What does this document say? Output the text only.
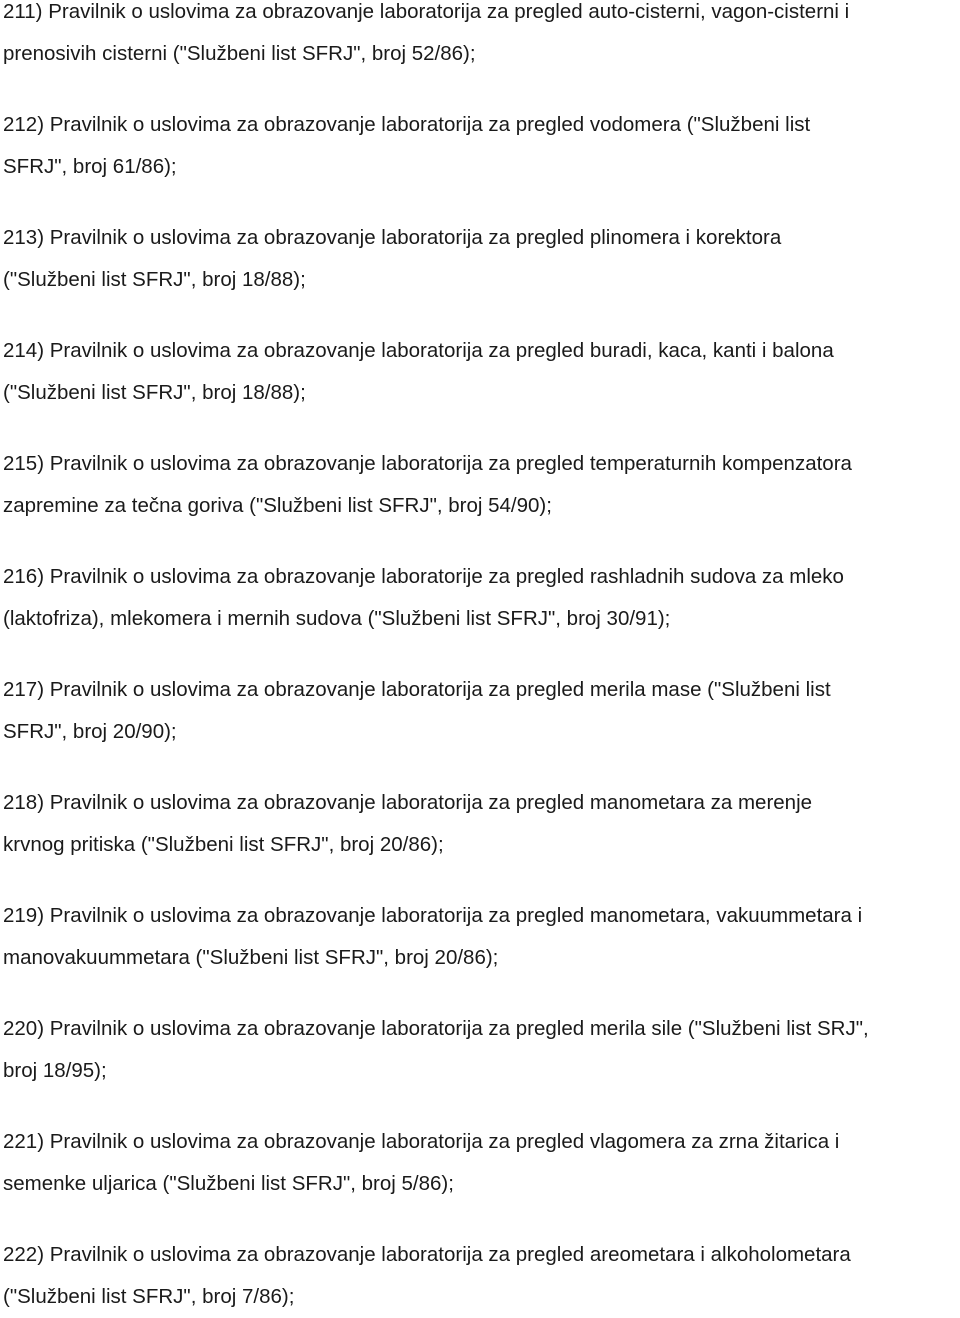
211) Pravilnik o uslovima za obrazovanje laboratorija za pregled auto-cisterni, vagon-cisterni i
prenosivih cisterni ("Službeni list SFRJ", broj 52/86);

212) Pravilnik o uslovima za obrazovanje laboratorija za pregled vodomera ("Službeni list
SFRJ", broj 61/86);

213) Pravilnik o uslovima za obrazovanje laboratorija za pregled plinomera i korektora
("Službeni list SFRJ", broj 18/88);

214) Pravilnik o uslovima za obrazovanje laboratorija za pregled buradi, kaca, kanti i balona
("Službeni list SFRJ", broj 18/88);

215) Pravilnik o uslovima za obrazovanje laboratorija za pregled temperaturnih kompenzatora
zapremine za tečna goriva ("Službeni list SFRJ", broj 54/90);

216) Pravilnik o uslovima za obrazovanje laboratorije za pregled rashladnih sudova za mleko
(laktofriza), mlekomera i mernih sudova ("Službeni list SFRJ", broj 30/91);

217) Pravilnik o uslovima za obrazovanje laboratorija za pregled merila mase ("Službeni list
SFRJ", broj 20/90);

218) Pravilnik o uslovima za obrazovanje laboratorija za pregled manometara za merenje
krvnog pritiska ("Službeni list SFRJ", broj 20/86);

219) Pravilnik o uslovima za obrazovanje laboratorija za pregled manometara, vakuummetara i
manovakuummetara ("Službeni list SFRJ", broj 20/86);

220) Pravilnik o uslovima za obrazovanje laboratorija za pregled merila sile ("Službeni list SRJ",
broj 18/95);

221) Pravilnik o uslovima za obrazovanje laboratorija za pregled vlagomera za zrna žitarica i
semenke uljarica ("Službeni list SFRJ", broj 5/86);

222) Pravilnik o uslovima za obrazovanje laboratorija za pregled areometara i alkoholometara
("Službeni list SFRJ", broj 7/86);
